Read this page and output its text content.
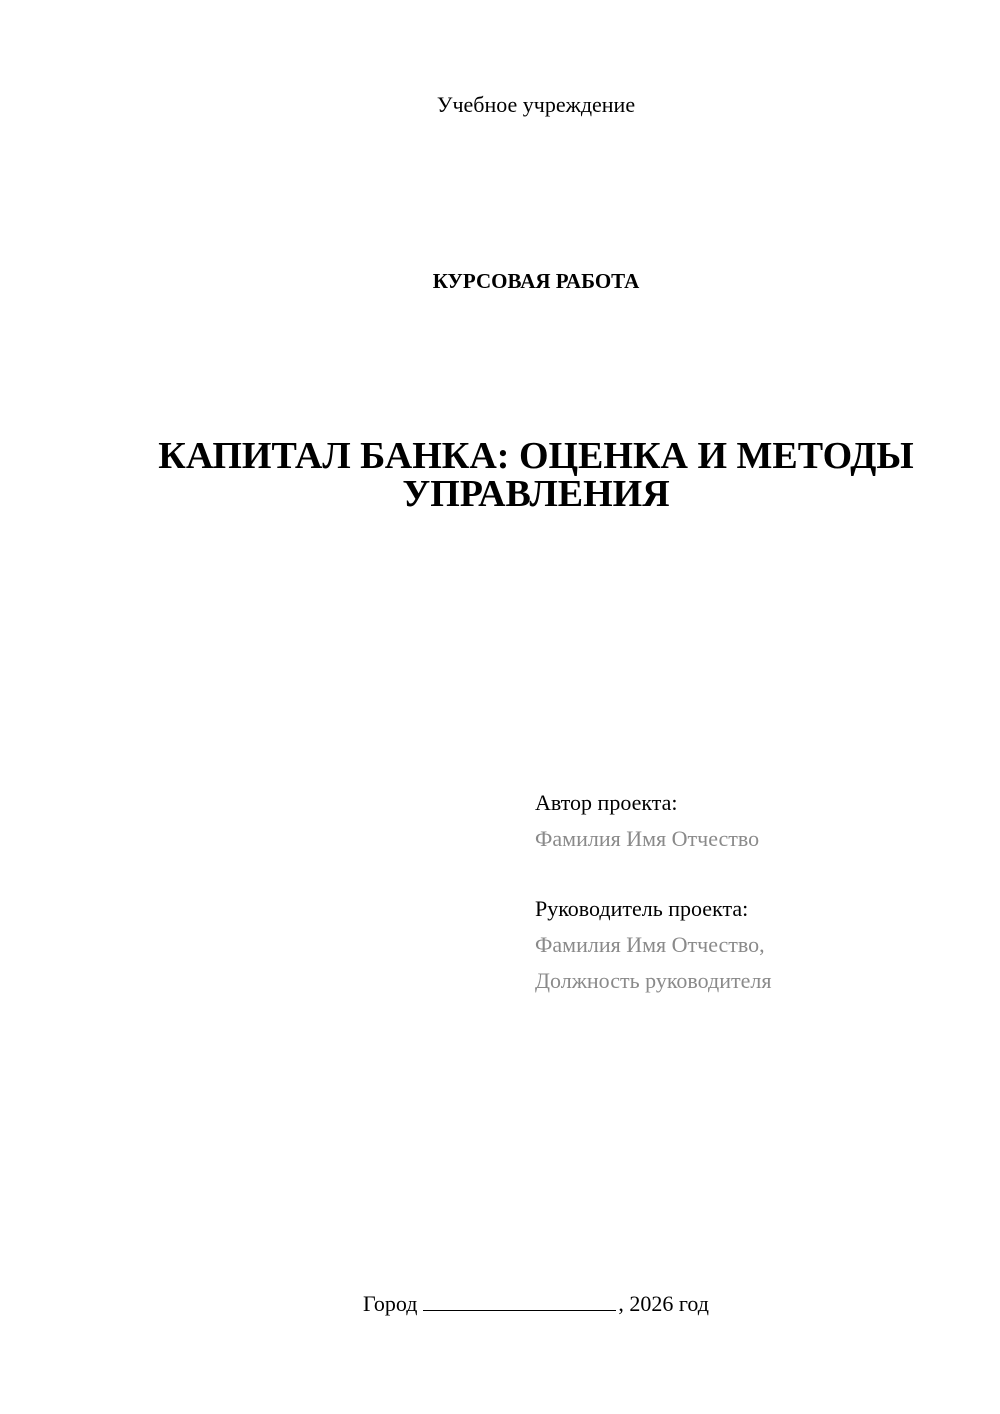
Учебное учреждение
КУРСОВАЯ РАБОТА
КАПИТАЛ БАНКА: ОЦЕНКА И МЕТОДЫ
УПРАВЛЕНИЯ
Автор проекта:
Фамилия Имя Отчество
Руководитель проекта:
Фамилия Имя Отчество,
Должность руководителя
Город	, 2026 год
